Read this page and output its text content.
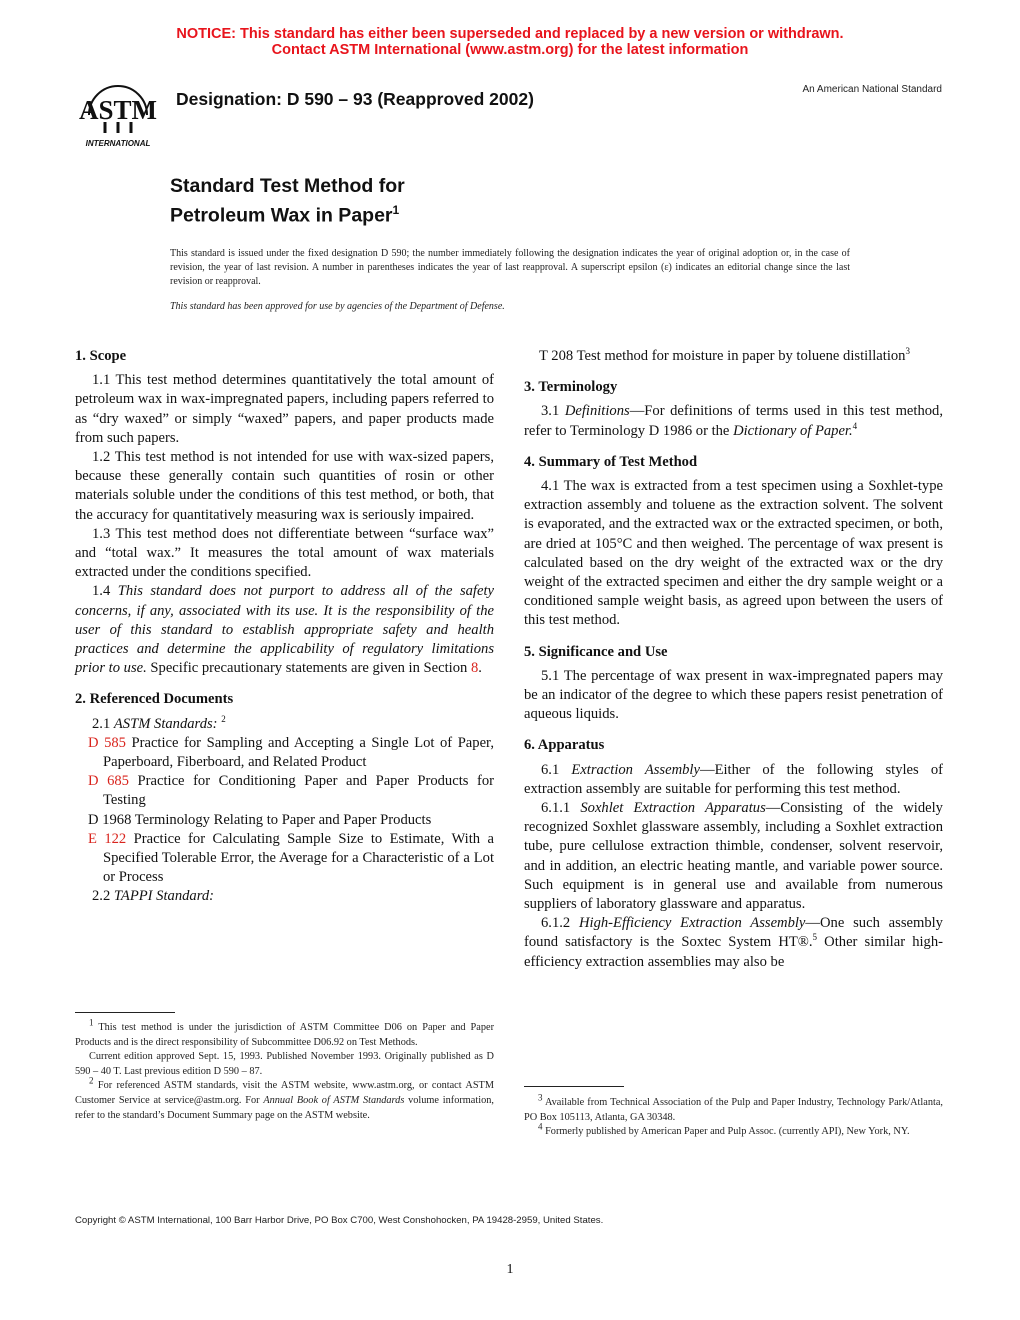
NOTICE: This standard has either been superseded and replaced by a new version or withdrawn.
Contact ASTM International (www.astm.org) for the latest information
ASTM
INTERNATIONAL
Designation: D 590 – 93 (Reapproved 2002)	An American National Standard
Standard Test Method for
Petroleum Wax in Paper$^1$
This standard is issued under the fixed designation D 590; the number immediately following the designation indicates the year of original adoption or, in the case of revision, the year of last revision. A number in parentheses indicates the year of last reapproval. A superscript epsilon (ε) indicates an editorial change since the last revision or reapproval.
This standard has been approved for use by agencies of the Department of Defense.

1. Scope

1.1 This test method determines quantitatively the total amount of petroleum wax in wax-impregnated papers, including papers referred to as “dry waxed” or simply “waxed” papers, and paper products made from such papers.

1.2 This test method is not intended for use with wax-sized papers, because these generally contain such quantities of rosin or other materials soluble under the conditions of this test method, or both, that the accuracy for quantitatively measuring wax is seriously impaired.

1.3 This test method does not differentiate between “surface wax” and “total wax.” It measures the total amount of wax materials extracted under the conditions specified.

1.4 This standard does not purport to address all of the safety concerns, if any, associated with its use. It is the responsibility of the user of this standard to establish appropriate safety and health practices and determine the applicability of regulatory limitations prior to use. Specific precautionary statements are given in Section 8.

2. Referenced Documents

2.1 ASTM Standards: $^2$

D 585 Practice for Sampling and Accepting a Single Lot of Paper, Paperboard, Fiberboard, and Related Product

D 685 Practice for Conditioning Paper and Paper Products for Testing

D 1968 Terminology Relating to Paper and Paper Products

E 122 Practice for Calculating Sample Size to Estimate, With a Specified Tolerable Error, the Average for a Characteristic of a Lot or Process

2.2 TAPPI Standard:

T 208 Test method for moisture in paper by toluene distillation$^3$

3. Terminology

3.1 Definitions—For definitions of terms used in this test method, refer to Terminology D 1986 or the Dictionary of Paper.$^4$

4. Summary of Test Method

4.1 The wax is extracted from a test specimen using a Soxhlet-type extraction assembly and toluene as the extraction solvent. The solvent is evaporated, and the extracted wax or the extracted specimen, or both, are dried at 105°C and then weighed. The percentage of wax present is calculated based on the dry weight of the extracted wax or the dry weight of the extracted specimen and either the dry sample weight or a conditioned sample weight basis, as agreed upon between the users of this test method.

5. Significance and Use

5.1 The percentage of wax present in wax-impregnated papers may be an indicator of the degree to which these papers resist penetration of aqueous liquids.

6. Apparatus

6.1 Extraction Assembly—Either of the following styles of extraction assembly are suitable for performing this test method.

6.1.1 Soxhlet Extraction Apparatus—Consisting of the widely recognized Soxhlet glassware assembly, including a Soxhlet extraction tube, pure cellulose extraction thimble, condenser, solvent reservoir, and in addition, an electric heating mantle, and variable power source. Such equipment is in general use and available from numerous suppliers of laboratory glassware and apparatus.

6.1.2 High-Efficiency Extraction Assembly—One such assembly found satisfactory is the Soxtec System HT®.$^5$ Other similar high-efficiency extraction assemblies may also be

$^1$ This test method is under the jurisdiction of ASTM Committee D06 on Paper and Paper Products and is the direct responsibility of Subcommittee D06.92 on Test Methods.

Current edition approved Sept. 15, 1993. Published November 1993. Originally published as D 590 – 40 T. Last previous edition D 590 – 87.

$^2$ For referenced ASTM standards, visit the ASTM website, www.astm.org, or contact ASTM Customer Service at service@astm.org. For Annual Book of ASTM Standards volume information, refer to the standard’s Document Summary page on the ASTM website.

$^3$ Available from Technical Association of the Pulp and Paper Industry, Technology Park/Atlanta, PO Box 105113, Atlanta, GA 30348.

$^4$ Formerly published by American Paper and Pulp Assoc. (currently API), New York, NY.

Copyright © ASTM International, 100 Barr Harbor Drive, PO Box C700, West Conshohocken, PA 19428-2959, United States.
1
